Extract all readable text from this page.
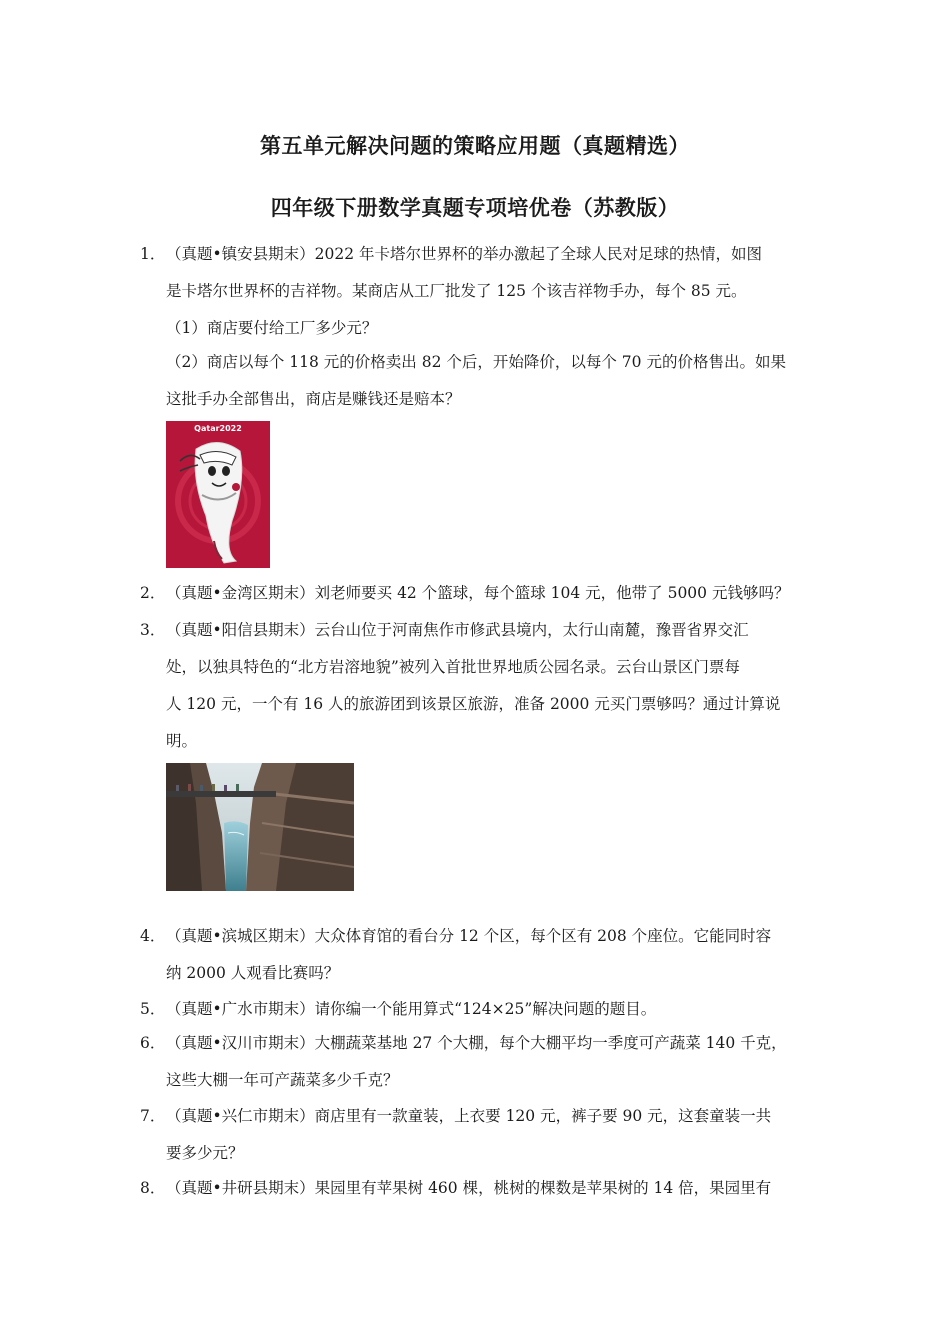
第五单元解决问题的策略应用题（真题精选）
四年级下册数学真题专项培优卷（苏教版）
1． （真题•镇安县期末）2022 年卡塔尔世界杯的举办激起了全球人民对足球的热情，如图
是卡塔尔世界杯的吉祥物。某商店从工厂批发了 125 个该吉祥物手办，每个 85 元。
（1）商店要付给工厂多少元？
（2）商店以每个 118 元的价格卖出 82 个后，开始降价，以每个 70 元的价格售出。如果
这批手办全部售出，商店是赚钱还是赔本？
Qatar2022
2． （真题•金湾区期末）刘老师要买 42 个篮球，每个篮球 104 元，他带了 5000 元钱够吗？
3． （真题•阳信县期末）云台山位于河南焦作市修武县境内，太行山南麓，豫晋省界交汇
处，以独具特色的“北方岩溶地貌”被列入首批世界地质公园名录。云台山景区门票每
人 120 元，一个有 16 人的旅游团到该景区旅游，准备 2000 元买门票够吗？通过计算说
明。
4． （真题•滨城区期末）大众体育馆的看台分 12 个区，每个区有 208 个座位。它能同时容
纳 2000 人观看比赛吗？
5． （真题•广水市期末）请你编一个能用算式“124×25”解决问题的题目。
6． （真题•汉川市期末）大棚蔬菜基地 27 个大棚，每个大棚平均一季度可产蔬菜 140 千克，
这些大棚一年可产蔬菜多少千克？
7． （真题•兴仁市期末）商店里有一款童装，上衣要 120 元，裤子要 90 元，这套童装一共
要多少元？
8． （真题•井研县期末）果园里有苹果树 460 棵，桃树的棵数是苹果树的 14 倍，果园里有
